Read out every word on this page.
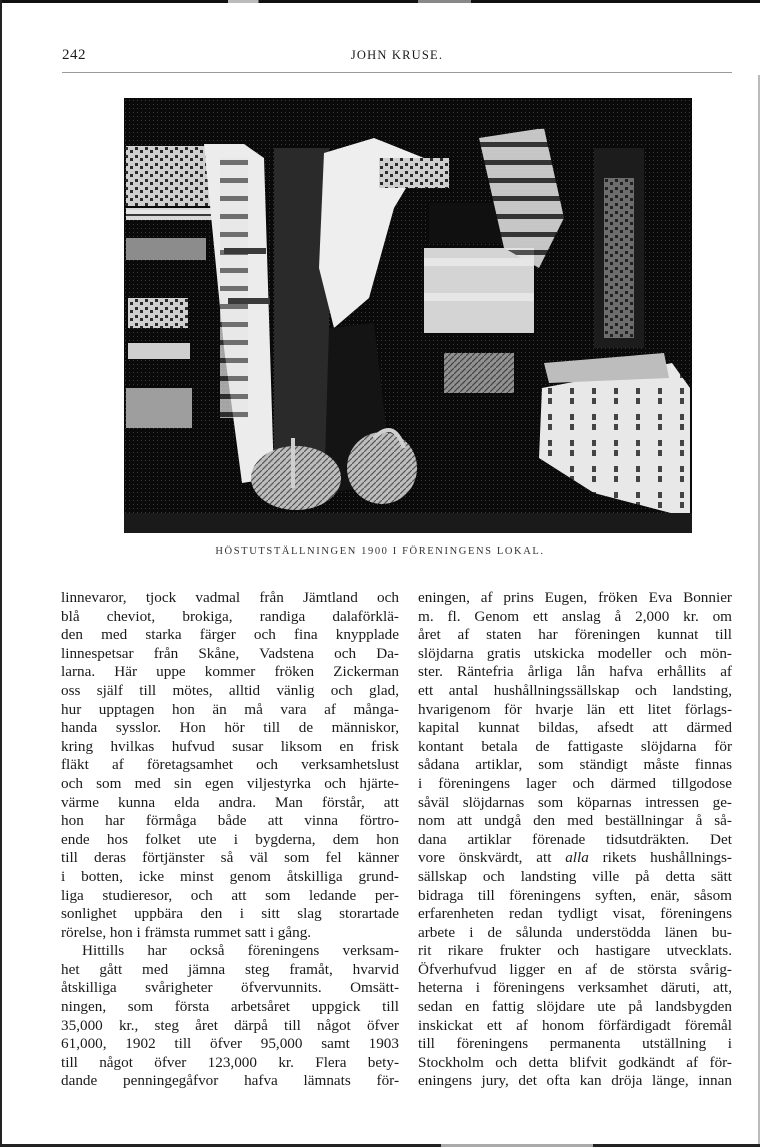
242	JOHN KRUSE.
HÖSTUTSTÄLLNINGEN 1900 I FÖRENINGENS LOKAL.
linnevaror, tjock vadmal från Jämtland och
blå cheviot, brokiga, randiga dalaförklä-
den med starka färger och fina knypplade
linnespetsar från Skåne, Vadstena och Da-
larna. Här uppe kommer fröken Zickerman
oss själf till mötes, alltid vänlig och glad,
hur upptagen hon än må vara af många-
handa sysslor. Hon hör till de människor,
kring hvilkas hufvud susar liksom en frisk
fläkt af företagsamhet och verksamhetslust
och som med sin egen viljestyrka och hjärte-
värme kunna elda andra. Man förstår, att
hon har förmåga både att vinna förtro-
ende hos folket ute i bygderna, dem hon
till deras förtjänster så väl som fel känner
i botten, icke minst genom åtskilliga grund-
liga studieresor, och att som ledande per-
sonlighet uppbära den i sitt slag storartade
rörelse, hon i främsta rummet satt i gång.
Hittills har också föreningens verksam-
het gått med jämna steg framåt, hvarvid
åtskilliga svårigheter öfvervunnits. Omsätt-
ningen, som första arbetsåret uppgick till
35,000 kr., steg året därpå till något öfver
61,000, 1902 till öfver 95,000 samt 1903
till något öfver 123,000 kr. Flera bety-
dande penningegåfvor hafva lämnats för-
eningen, af prins Eugen, fröken Eva Bonnier
m. fl. Genom ett anslag å 2,000 kr. om
året af staten har föreningen kunnat till
slöjdarna gratis utskicka modeller och mön-
ster. Räntefria årliga lån hafva erhållits af
ett antal hushållningssällskap och landsting,
hvarigenom för hvarje län ett litet förlags-
kapital kunnat bildas, afsedt att därmed
kontant betala de fattigaste slöjdarna för
sådana artiklar, som ständigt måste finnas
i föreningens lager och därmed tillgodose
såväl slöjdarnas som köparnas intressen ge-
nom att undgå den med beställningar å så-
dana artiklar förenade tidsutdräkten. Det
vore önskvärdt, att alla rikets hushållnings-
sällskap och landsting ville på detta sätt
bidraga till föreningens syften, enär, såsom
erfarenheten redan tydligt visat, föreningens
arbete i de sålunda understödda länen bu-
rit rikare frukter och hastigare utvecklats.
Öfverhufvud ligger en af de största svårig-
heterna i föreningens verksamhet däruti, att,
sedan en fattig slöjdare ute på landsbygden
inskickat ett af honom förfärdigadt föremål
till föreningens permanenta utställning i
Stockholm och detta blifvit godkändt af för-
eningens jury, det ofta kan dröja länge, innan
